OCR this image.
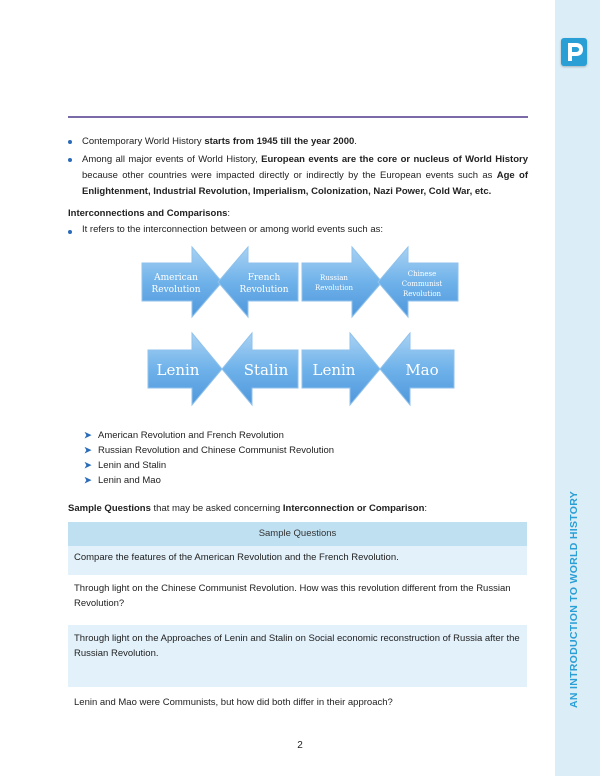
AN INTRODUCTION TO WORLD HISTORY
Contemporary World History starts from 1945 till the year 2000.
Among all major events of World History, European events are the core or nucleus of World History because other countries were impacted directly or indirectly by the European events such as Age of Enlightenment, Industrial Revolution, Imperialism, Colonization, Nazi Power, Cold War, etc.
Interconnections and Comparisons:
It refers to the interconnection between or among world events such as:
American
Revolution
French
Revolution
Russian
Revolution
Chinese
Communist
Revolution
Lenin	Stalin Lenin	Mao
➤ American Revolution and French Revolution
➤ Russian Revolution and Chinese Communist Revolution
➤ Lenin and Stalin
➤ Lenin and Mao
Sample Questions that may be asked concerning Interconnection or Comparison:
Sample Questions
Compare the features of the American Revolution and the French Revolution.
Through light on the Chinese Communist Revolution. How was this revolution different from the Russian Revolution?
Through light on the Approaches of Lenin and Stalin on Social economic reconstruction of Russia after the Russian Revolution.
Lenin and Mao were Communists, but how did both differ in their approach?
2
